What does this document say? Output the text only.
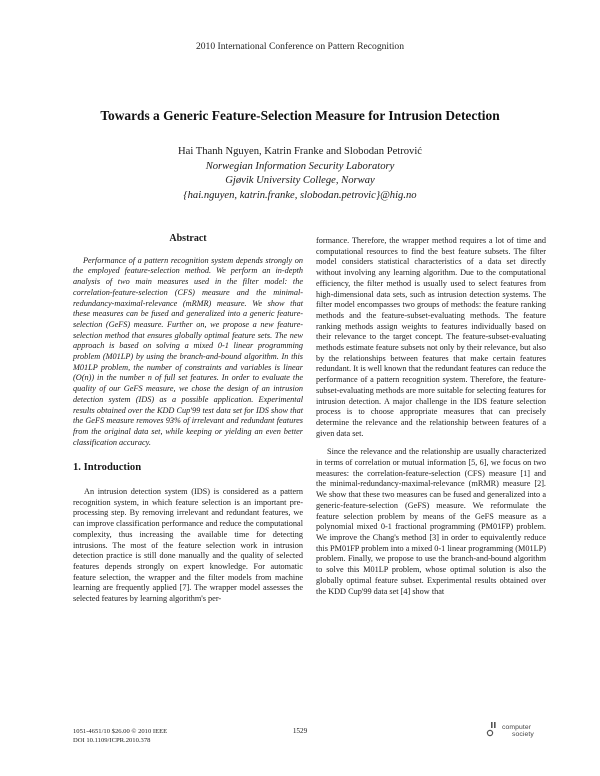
2010 International Conference on Pattern Recognition
Towards a Generic Feature-Selection Measure for Intrusion Detection
Hai Thanh Nguyen, Katrin Franke and Slobodan Petrović
Norwegian Information Security Laboratory
Gjøvik University College, Norway
{hai.nguyen, katrin.franke, slobodan.petrovic}@hig.no
Abstract

Performance of a pattern recognition system depends strongly on the employed feature-selection method. We perform an in-depth analysis of two main measures used in the filter model: the correlation-feature-selection (CFS) measure and the minimal-redundancy-maximal-relevance (mRMR) measure. We show that these measures can be fused and generalized into a generic feature-selection (GeFS) measure. Further on, we propose a new feature-selection method that ensures globally optimal feature sets. The new approach is based on solving a mixed 0-1 linear programming problem (M01LP) by using the branch-and-bound algorithm. In this M01LP problem, the number of constraints and variables is linear (O(n)) in the number n of full set features. In order to evaluate the quality of our GeFS measure, we chose the design of an intrusion detection system (IDS) as a possible application. Experimental results obtained over the KDD Cup'99 test data set for IDS show that the GeFS measure removes 93% of irrelevant and redundant features from the original data set, while keeping or yielding an even better classification accuracy.

1. Introduction

An intrusion detection system (IDS) is considered as a pattern recognition system, in which feature selection is an important pre-processing step. By removing irrelevant and redundant features, we can improve classification performance and reduce the computational complexity, thus increasing the available time for detecting intrusions. The most of the feature selection work in intrusion detection practice is still done manually and the quality of selected features depends strongly on expert knowledge. For automatic feature selection, the wrapper and the filter models from machine learning are frequently applied [7]. The wrapper model assesses the selected features by learning algorithm's per-

formance. Therefore, the wrapper method requires a lot of time and computational resources to find the best feature subsets. The filter model considers statistical characteristics of a data set directly without involving any learning algorithm. Due to the computational efficiency, the filter method is usually used to select features from high-dimensional data sets, such as intrusion detection systems. The filter model encompasses two groups of methods: the feature ranking methods and the feature-subset-evaluating methods. The feature ranking methods assign weights to features individually based on their relevance to the target concept. The feature-subset-evaluating methods estimate feature subsets not only by their relevance, but also by the relationships between features that make certain features redundant. It is well known that the redundant features can reduce the performance of a pattern recognition system. Therefore, the feature-subset-evaluating methods are more suitable for selecting features for intrusion detection. A major challenge in the IDS feature selection process is to choose appropriate measures that can precisely determine the relevance and the relationship between features of a given data set.

Since the relevance and the relationship are usually characterized in terms of correlation or mutual information [5, 6], we focus on two measures: the correlation-feature-selection (CFS) measure [1] and the minimal-redundancy-maximal-relevance (mRMR) measure [2]. We show that these two measures can be fused and generalized into a generic-feature-selection (GeFS) measure. We reformulate the feature selection problem by means of the GeFS measure as a polynomial mixed 0-1 fractional programming (PM01FP) problem. We improve the Chang's method [3] in order to equivalently reduce this PM01FP problem into a mixed 0-1 linear programming (M01LP) problem. Finally, we propose to use the branch-and-bound algorithm to solve this M01LP problem, whose optimal solution is also the globally optimal feature subset. Experimental results obtained over the KDD Cup'99 data set [4] show that

1051-4651/10 $26.00 © 2010 IEEE
DOI 10.1109/ICPR.2010.378
1529	computer
society
